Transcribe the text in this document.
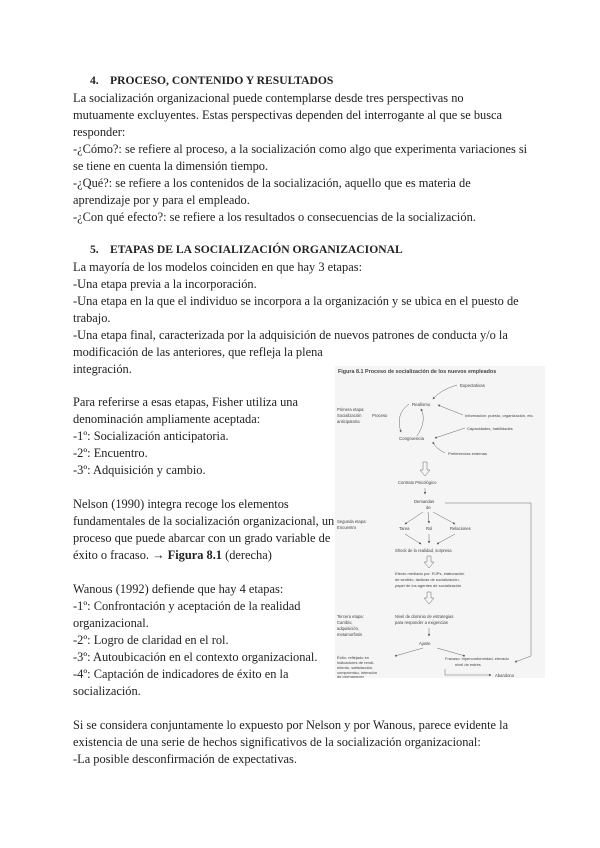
4. PROCESO, CONTENIDO Y RESULTADOS
La socialización organizacional puede contemplarse desde tres perspectivas no
mutuamente excluyentes. Estas perspectivas dependen del interrogante al que se busca
responder:
-¿Cómo?: se refiere al proceso, a la socialización como algo que experimenta variaciones si
se tiene en cuenta la dimensión tiempo.
-¿Qué?: se refiere a los contenidos de la socialización, aquello que es materia de
aprendizaje por y para el empleado.
-¿Con qué efecto?: se refiere a los resultados o consecuencias de la socialización.
5. ETAPAS DE LA SOCIALIZACIÓN ORGANIZACIONAL
La mayoría de los modelos coinciden en que hay 3 etapas:
-Una etapa previa a la incorporación.
-Una etapa en la que el individuo se incorpora a la organización y se ubica en el puesto de
trabajo.
-Una etapa final, caracterizada por la adquisición de nuevos patrones de conducta y/o la
modificación de las anteriores, que refleja la plena
integración.
Para referirse a esas etapas, Fisher utiliza una
denominación ampliamente aceptada:
-1º: Socialización anticipatoria.
-2º: Encuentro.
-3º: Adquisición y cambio.
Nelson (1990) integra recoge los elementos
fundamentales de la socialización organizacional, un
proceso que puede abarcar con un grado variable de
éxito o fracaso. → Figura 8.1 (derecha)
Wanous (1992) defiende que hay 4 etapas:
-1º: Confrontación y aceptación de la realidad
organizacional.
-2º: Logro de claridad en el rol.
-3º: Autoubicación en el contexto organizacional.
-4º: Captación de indicadores de éxito en la
socialización.
Si se considera conjuntamente lo expuesto por Nelson y por Wanous, parece evidente la
existencia de una serie de hechos significativos de la socialización organizacional:
-La posible desconfirmación de expectativas.
Figura 8.1 Proceso de socialización de los nuevos empleados
Primera etapa:
Socialización
anticipatoria
Proceso
Expectativas
Realismo
Información: puesto, organización, etc.
Capacidades, habilidades
Congruencia
Preferencias externas
Contrato Psicológico
Demandas
de
Segunda etapa:
Encuentro	Tarea	Rol	Relaciones
Shock de la realidad, sorpresa
Efecto mediado por: RJPs, elaboración
de sentido, tácticas de socialización,
papel de los agentes de socialización
Tercera etapa:
Cambio,
adquisición,
metamorfosis
Nivel de dominio de estrategias
para responder a exigencias
Ajuste
Éxito: reflejado en
indicadores de rendi-
miento, satisfacción,
compromiso, intención
de permanecer
Fracaso: hiperconformidad, elevado
nivel de estrés
Abandono
